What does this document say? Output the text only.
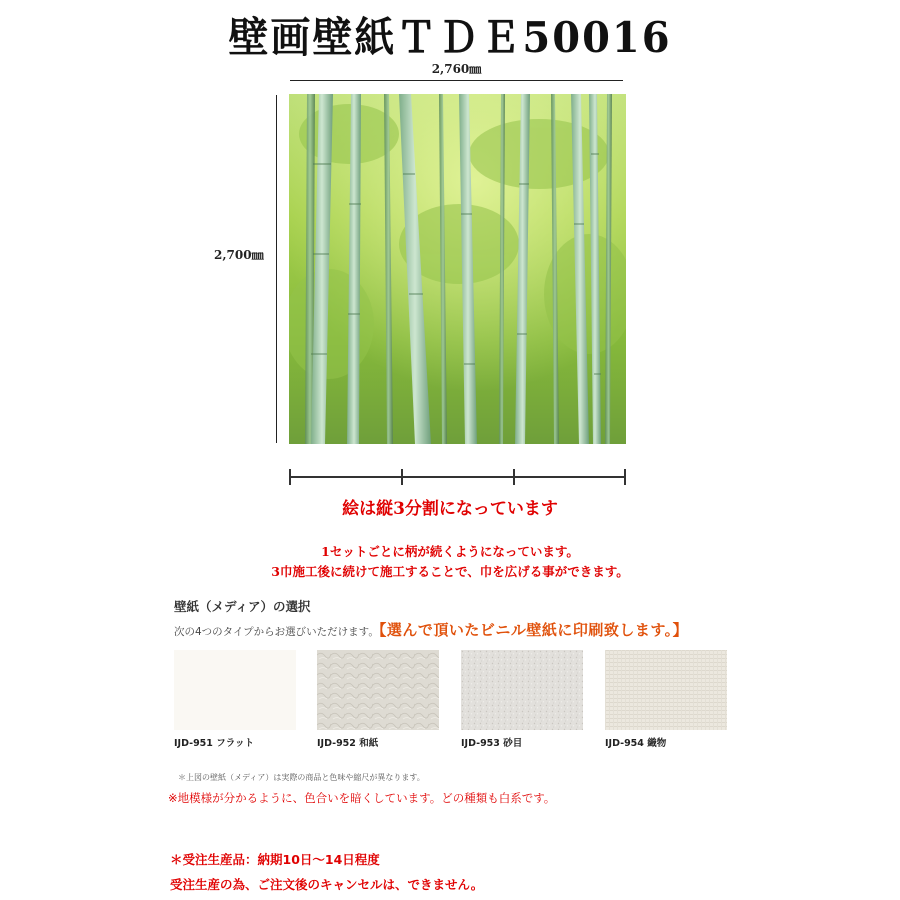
壁画壁紙ＴＤＥ50016
2,760㎜
2,700㎜
絵は縦3分割になっています
1セットごとに柄が続くようになっています。
3巾施工後に続けて施工することで、巾を広げる事ができます。
壁紙（メディア）の選択
次の4つのタイプからお選びいただけます。【選んで頂いたビニル壁紙に印刷致します。】
IJD-951 フラット	IJD-952 和紙	IJD-953 砂目	IJD-954 織物
＊上図の壁紙（メディア）は実際の商品と色味や縮尺が異なります。
※地模様が分かるように、色合いを暗くしています。どの種類も白系です。
＊受注生産品：納期10日〜14日程度
受注生産の為、ご注文後のキャンセルは、できません。
